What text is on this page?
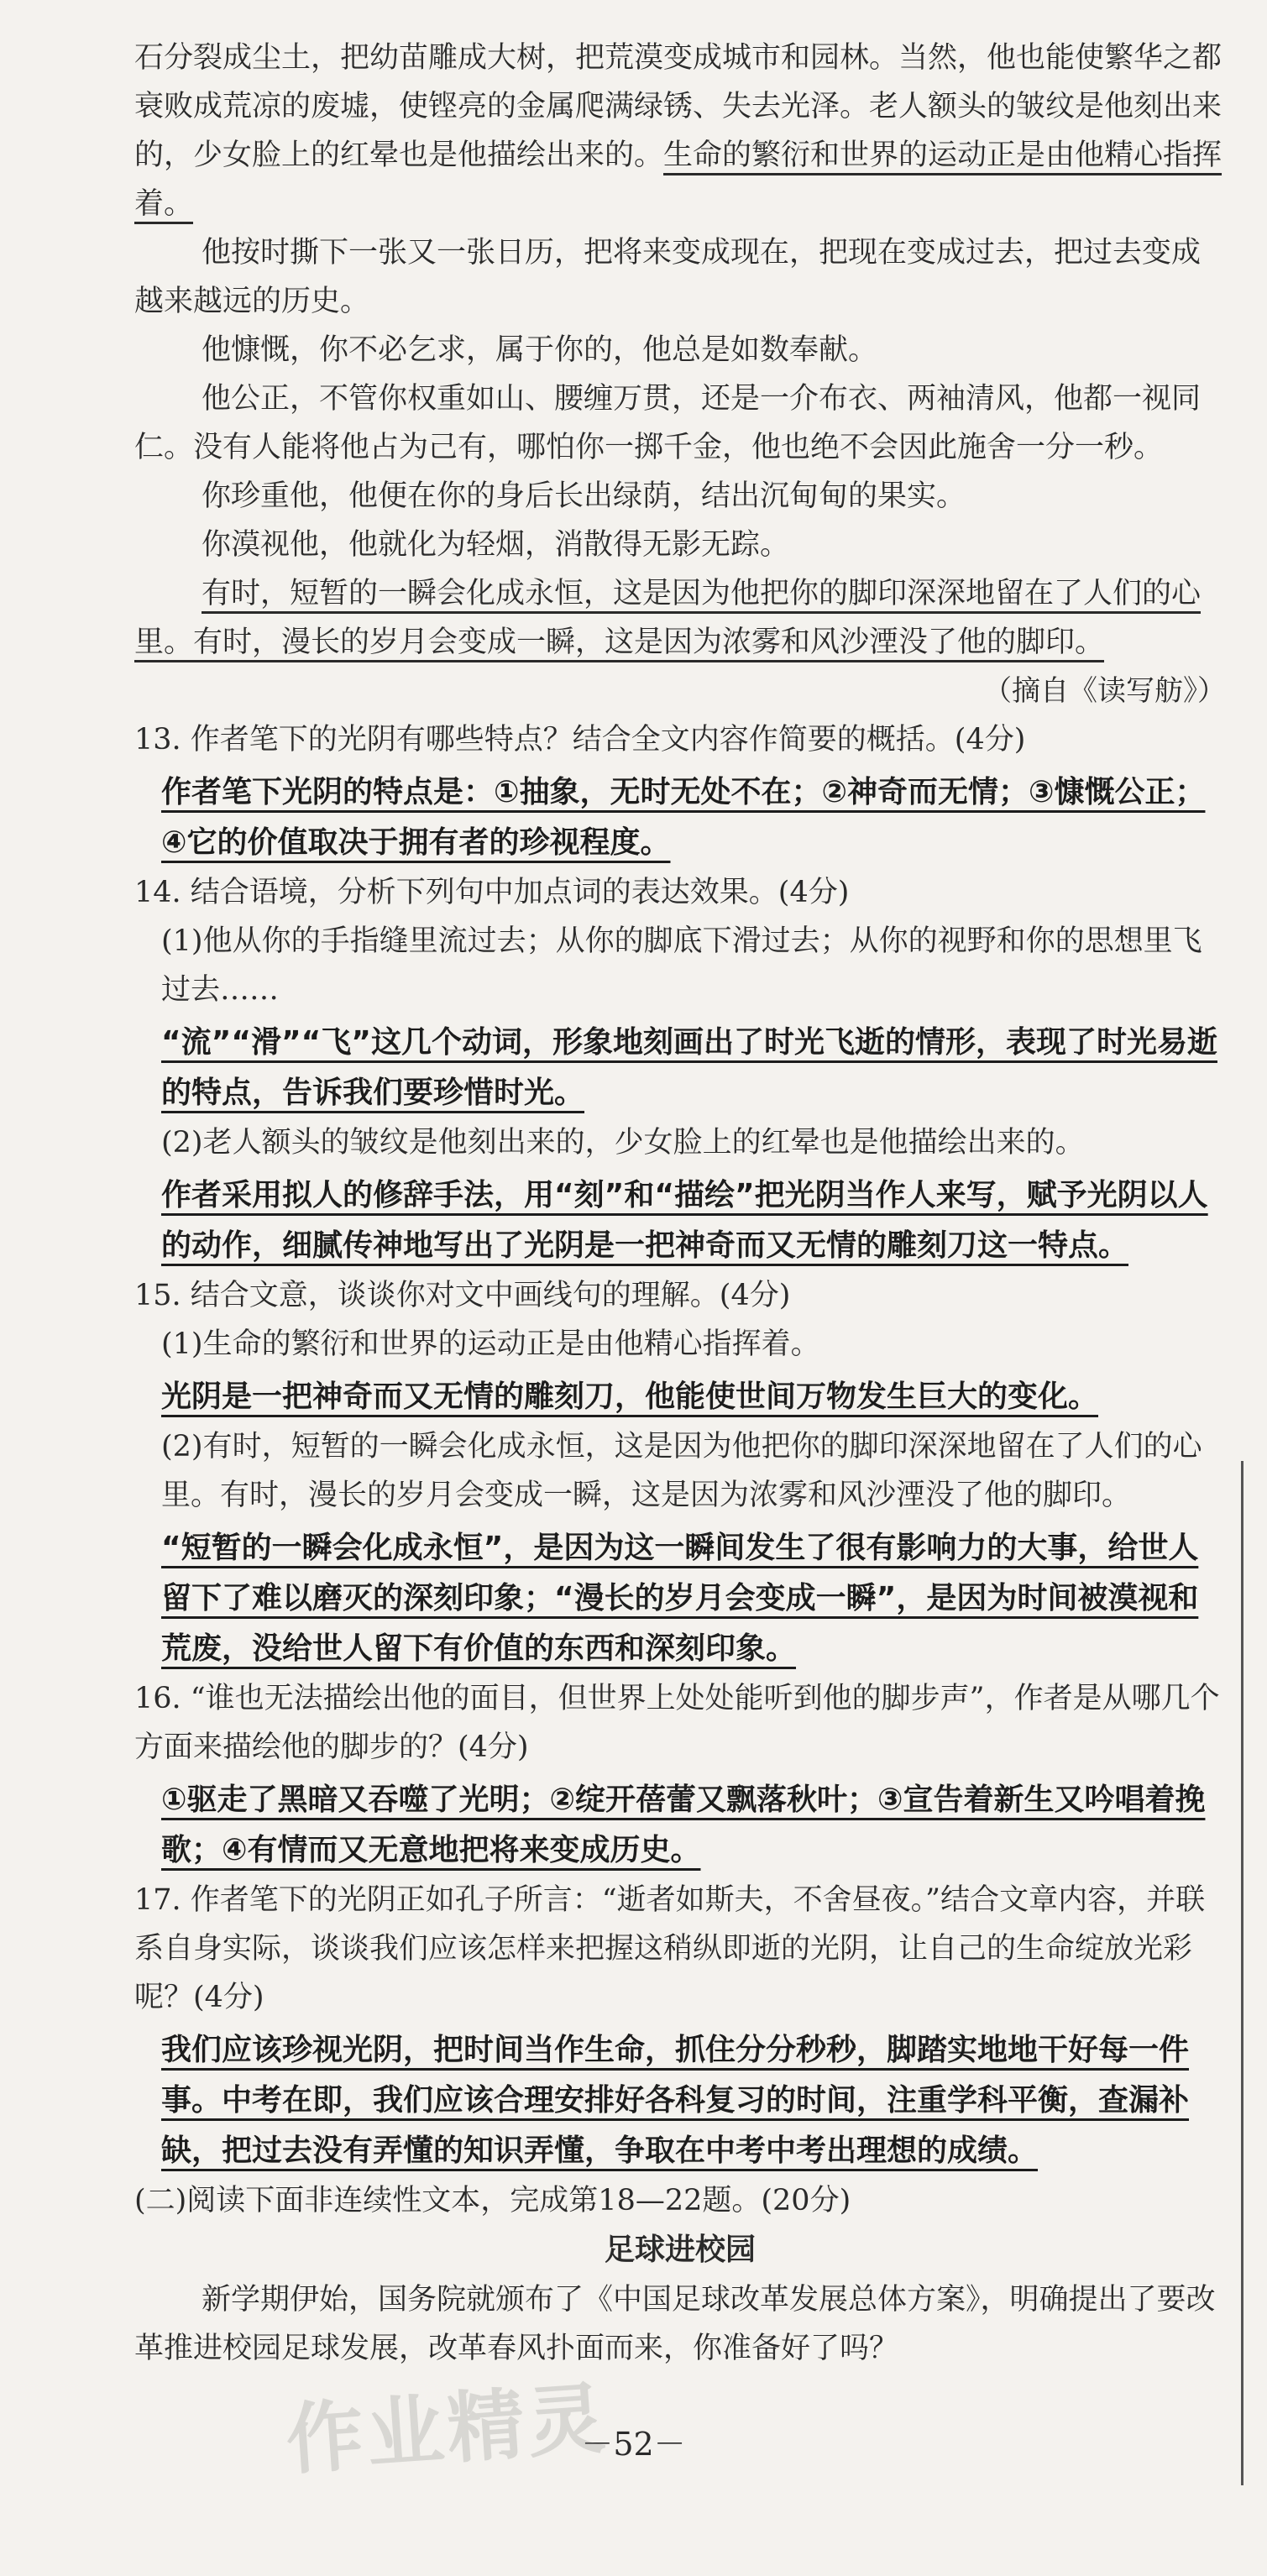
石分裂成尘土，把幼苗雕成大树，把荒漠变成城市和园林。当然，他也能使繁华之都衰败成荒凉的废墟，使铿亮的金属爬满绿锈、失去光泽。老人额头的皱纹是他刻出来的，少女脸上的红晕也是他描绘出来的。生命的繁衍和世界的运动正是由他精心指挥着。

他按时撕下一张又一张日历，把将来变成现在，把现在变成过去，把过去变成越来越远的历史。

他慷慨，你不必乞求，属于你的，他总是如数奉献。

他公正，不管你权重如山、腰缠万贯，还是一介布衣、两袖清风，他都一视同仁。没有人能将他占为己有，哪怕你一掷千金，他也绝不会因此施舍一分一秒。

你珍重他，他便在你的身后长出绿荫，结出沉甸甸的果实。

你漠视他，他就化为轻烟，消散得无影无踪。

有时，短暂的一瞬会化成永恒，这是因为他把你的脚印深深地留在了人们的心里。有时，漫长的岁月会变成一瞬，这是因为浓雾和风沙湮没了他的脚印。

（摘自《读写舫》）

13. 作者笔下的光阴有哪些特点？结合全文内容作简要的概括。(4分)

作者笔下光阴的特点是：①抽象，无时无处不在；②神奇而无情；③慷慨公正；④它的价值取决于拥有者的珍视程度。

14. 结合语境，分析下列句中加点词的表达效果。(4分)

(1)他从你的手指缝里流过去；从你的脚底下滑过去；从你的视野和你的思想里飞过去……

“流”“滑”“飞”这几个动词，形象地刻画出了时光飞逝的情形，表现了时光易逝的特点，告诉我们要珍惜时光。

(2)老人额头的皱纹是他刻出来的，少女脸上的红晕也是他描绘出来的。

作者采用拟人的修辞手法，用“刻”和“描绘”把光阴当作人来写，赋予光阴以人的动作，细腻传神地写出了光阴是一把神奇而又无情的雕刻刀这一特点。

15. 结合文意，谈谈你对文中画线句的理解。(4分)

(1)生命的繁衍和世界的运动正是由他精心指挥着。

光阴是一把神奇而又无情的雕刻刀，他能使世间万物发生巨大的变化。

(2)有时，短暂的一瞬会化成永恒，这是因为他把你的脚印深深地留在了人们的心里。有时，漫长的岁月会变成一瞬，这是因为浓雾和风沙湮没了他的脚印。

“短暂的一瞬会化成永恒”，是因为这一瞬间发生了很有影响力的大事，给世人留下了难以磨灭的深刻印象；“漫长的岁月会变成一瞬”，是因为时间被漠视和荒废，没给世人留下有价值的东西和深刻印象。

16. “谁也无法描绘出他的面目，但世界上处处能听到他的脚步声”，作者是从哪几个方面来描绘他的脚步的？(4分)

①驱走了黑暗又吞噬了光明；②绽开蓓蕾又飘落秋叶；③宣告着新生又吟唱着挽歌；④有情而又无意地把将来变成历史。

17. 作者笔下的光阴正如孔子所言：“逝者如斯夫，不舍昼夜。”结合文章内容，并联系自身实际，谈谈我们应该怎样来把握这稍纵即逝的光阴，让自己的生命绽放光彩呢？(4分)

我们应该珍视光阴，把时间当作生命，抓住分分秒秒，脚踏实地地干好每一件事。中考在即，我们应该合理安排好各科复习的时间，注重学科平衡，查漏补缺，把过去没有弄懂的知识弄懂，争取在中考中考出理想的成绩。

(二)阅读下面非连续性文本，完成第18—22题。(20分)

足球进校园

新学期伊始，国务院就颁布了《中国足球改革发展总体方案》，明确提出了要改革推进校园足球发展，改革春风扑面而来，你准备好了吗？

－52－
作业精灵
